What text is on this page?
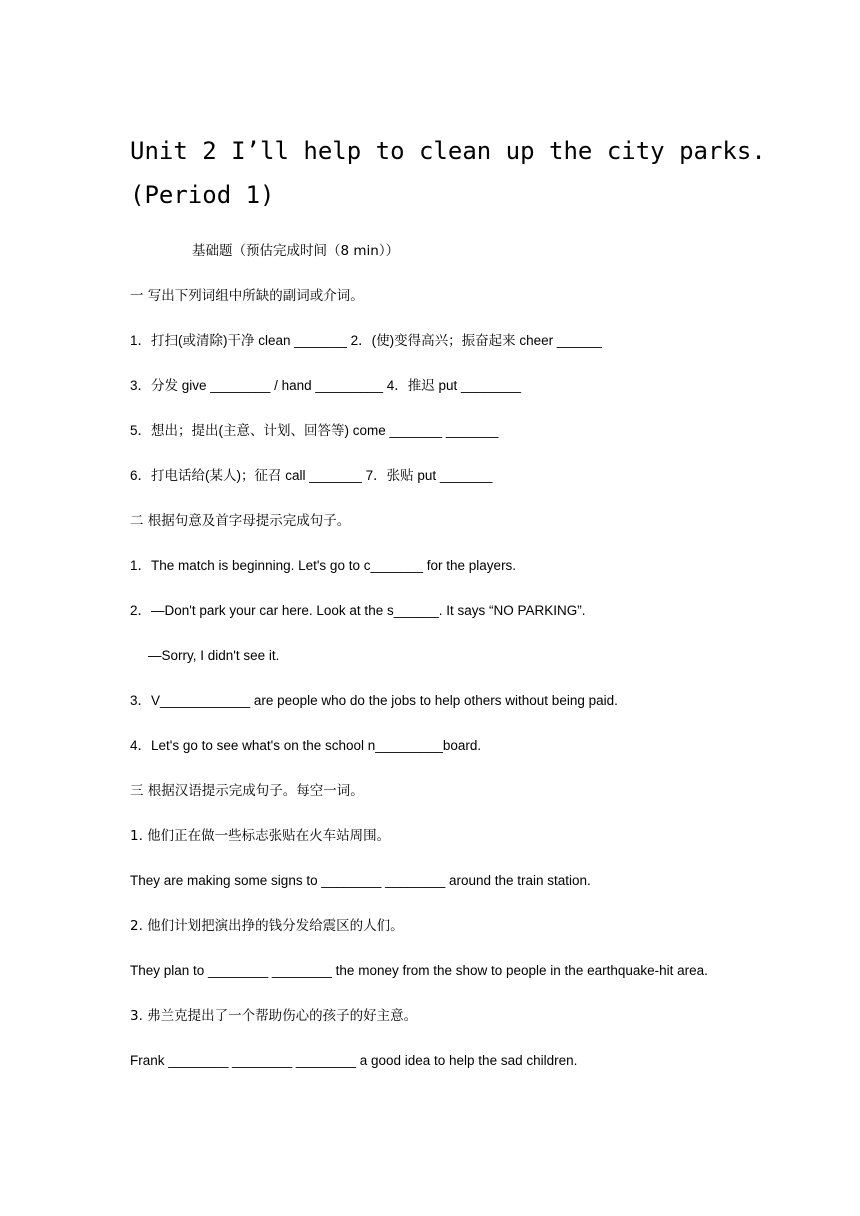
Unit 2 I’ll help to clean up the city parks.
(Period 1)
基础题（预估完成时间（8 min））
一 写出下列词组中所缺的副词或介词。
1．打扫(或清除)干净 clean _______ 2．(使)变得高兴；振奋起来 cheer ______
3．分发 give ________ / hand _________ 4．推迟 put ________
5．想出；提出(主意、计划、回答等) come _______ _______
6．打电话给(某人)；征召 call _______ 7．张贴 put _______
二 根据句意及首字母提示完成句子。
1．The match is beginning. Let's go to c_______ for the players.
2．—Don't park your car here. Look at the s______. It says “NO PARKING”.
—Sorry, I didn't see it.
3．V____________ are people who do the jobs to help others without being paid.
4．Let's go to see what's on the school n_________board.
三 根据汉语提示完成句子。每空一词。
1. 他们正在做一些标志张贴在火车站周围。
They are making some signs to ________ ________ around the train station.
2. 他们计划把演出挣的钱分发给震区的人们。
They plan to ________ ________ the money from the show to people in the earthquake-hit area.
3. 弗兰克提出了一个帮助伤心的孩子的好主意。
Frank ________ ________ ________ a good idea to help the sad children.
